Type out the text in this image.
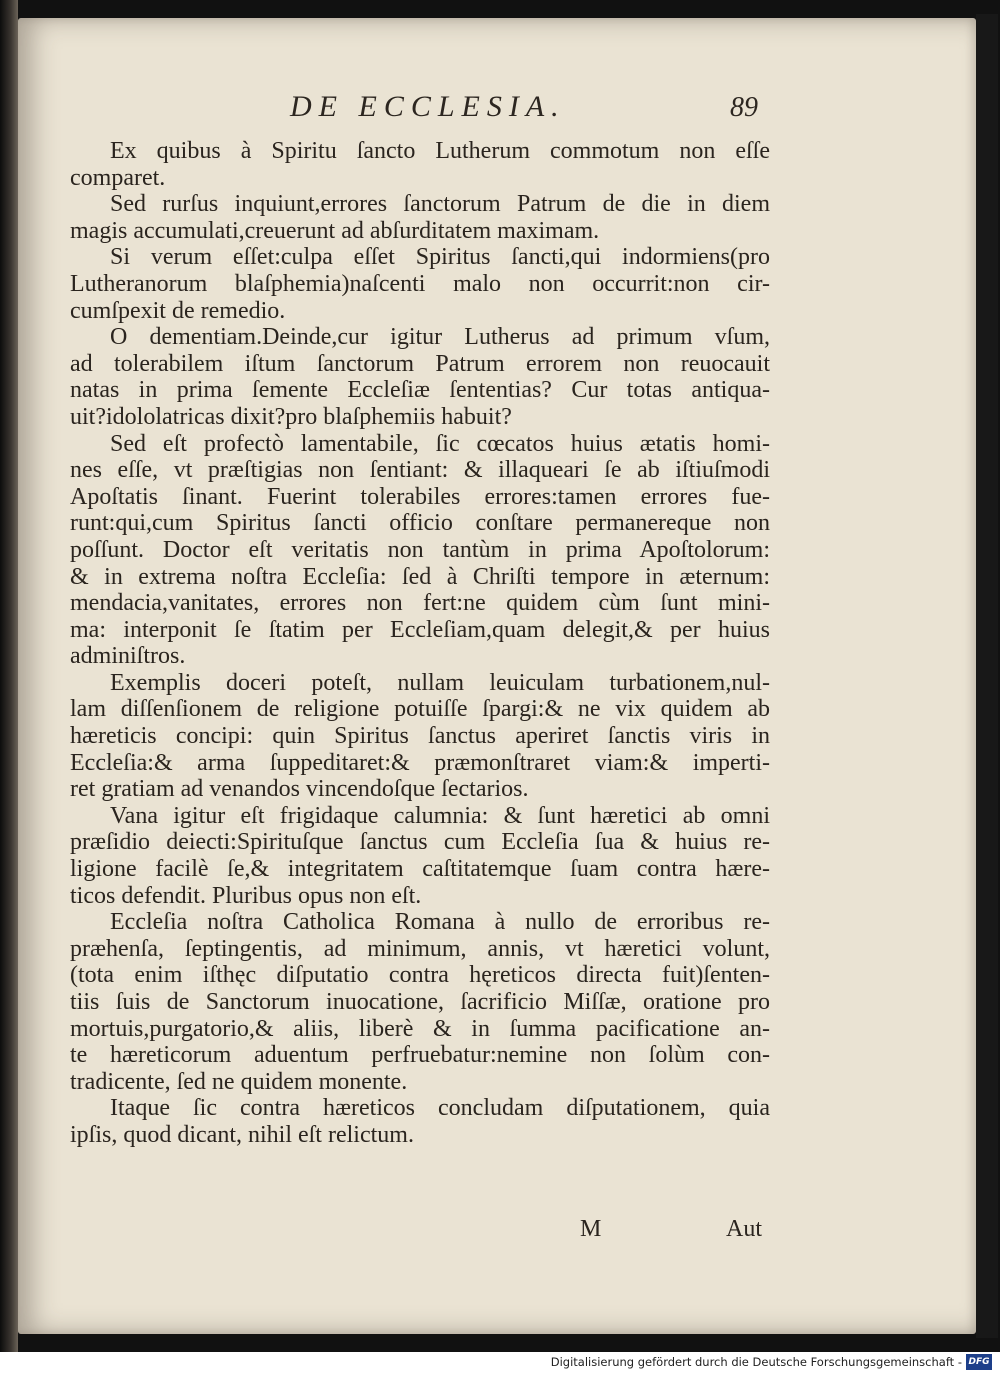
DE ECCLESIA.	89
Ex quibus à Spiritu ſancto Lutherum commotum non eſſe
comparet.
Sed rurſus inquiunt,errores ſanctorum Patrum de die in diem
magis accumulati,creuerunt ad abſurditatem maximam.
Si verum eſſet:culpa eſſet Spiritus ſancti,qui indormiens(pro
Lutheranorum blaſphemia)naſcenti malo non occurrit:non cir-
cumſpexit de remedio.
O dementiam.Deinde,cur igitur Lutherus ad primum vſum,
ad tolerabilem iſtum ſanctorum Patrum errorem non reuocauit
natas in prima ſemente Eccleſiæ ſententias? Cur totas antiqua-
uit?idololatricas dixit?pro blaſphemiis habuit?
Sed eſt profectò lamentabile, ſic cœcatos huius ætatis homi-
nes eſſe, vt præſtigias non ſentiant: & illaqueari ſe ab iſtiuſmodi
Apoſtatis ſinant. Fuerint tolerabiles errores:tamen errores fue-
runt:qui,cum Spiritus ſancti officio conſtare permanereque non
poſſunt. Doctor eſt veritatis non tantùm in prima Apoſtolorum:
& in extrema noſtra Eccleſia: ſed à Chriſti tempore in æternum:
mendacia,vanitates, errores non fert:ne quidem cùm ſunt mini-
ma: interponit ſe ſtatim per Eccleſiam,quam delegit,& per huius
adminiſtros.
Exemplis doceri poteſt, nullam leuiculam turbationem,nul-
lam diſſenſionem de religione potuiſſe ſpargi:& ne vix quidem ab
hæreticis concipi: quin Spiritus ſanctus aperiret ſanctis viris in
Eccleſia:& arma ſuppeditaret:& præmonſtraret viam:& imperti-
ret gratiam ad venandos vincendoſque ſectarios.
Vana igitur eſt frigidaque calumnia: & ſunt hæretici ab omni
præſidio deiecti:Spirituſque ſanctus cum Eccleſia ſua & huius re-
ligione facilè ſe,& integritatem caſtitatemque ſuam contra hære-
ticos defendit. Pluribus opus non eſt.
Eccleſia noſtra Catholica Romana à nullo de erroribus re-
præhenſa, ſeptingentis, ad minimum, annis, vt hæretici volunt,
(tota enim iſthęc diſputatio contra hęreticos directa fuit)ſenten-
tiis ſuis de Sanctorum inuocatione, ſacrificio Miſſæ, oratione pro
mortuis,purgatorio,& aliis, liberè & in ſumma pacificatione an-
te hæreticorum aduentum perfruebatur:nemine non ſolùm con-
tradicente, ſed ne quidem monente.
Itaque ſic contra hæreticos concludam diſputationem, quia
ipſis, quod dicant, nihil eſt relictum.
M	Aut
Digitalisierung gefördert durch die Deutsche Forschungsgemeinschaft - DFG
